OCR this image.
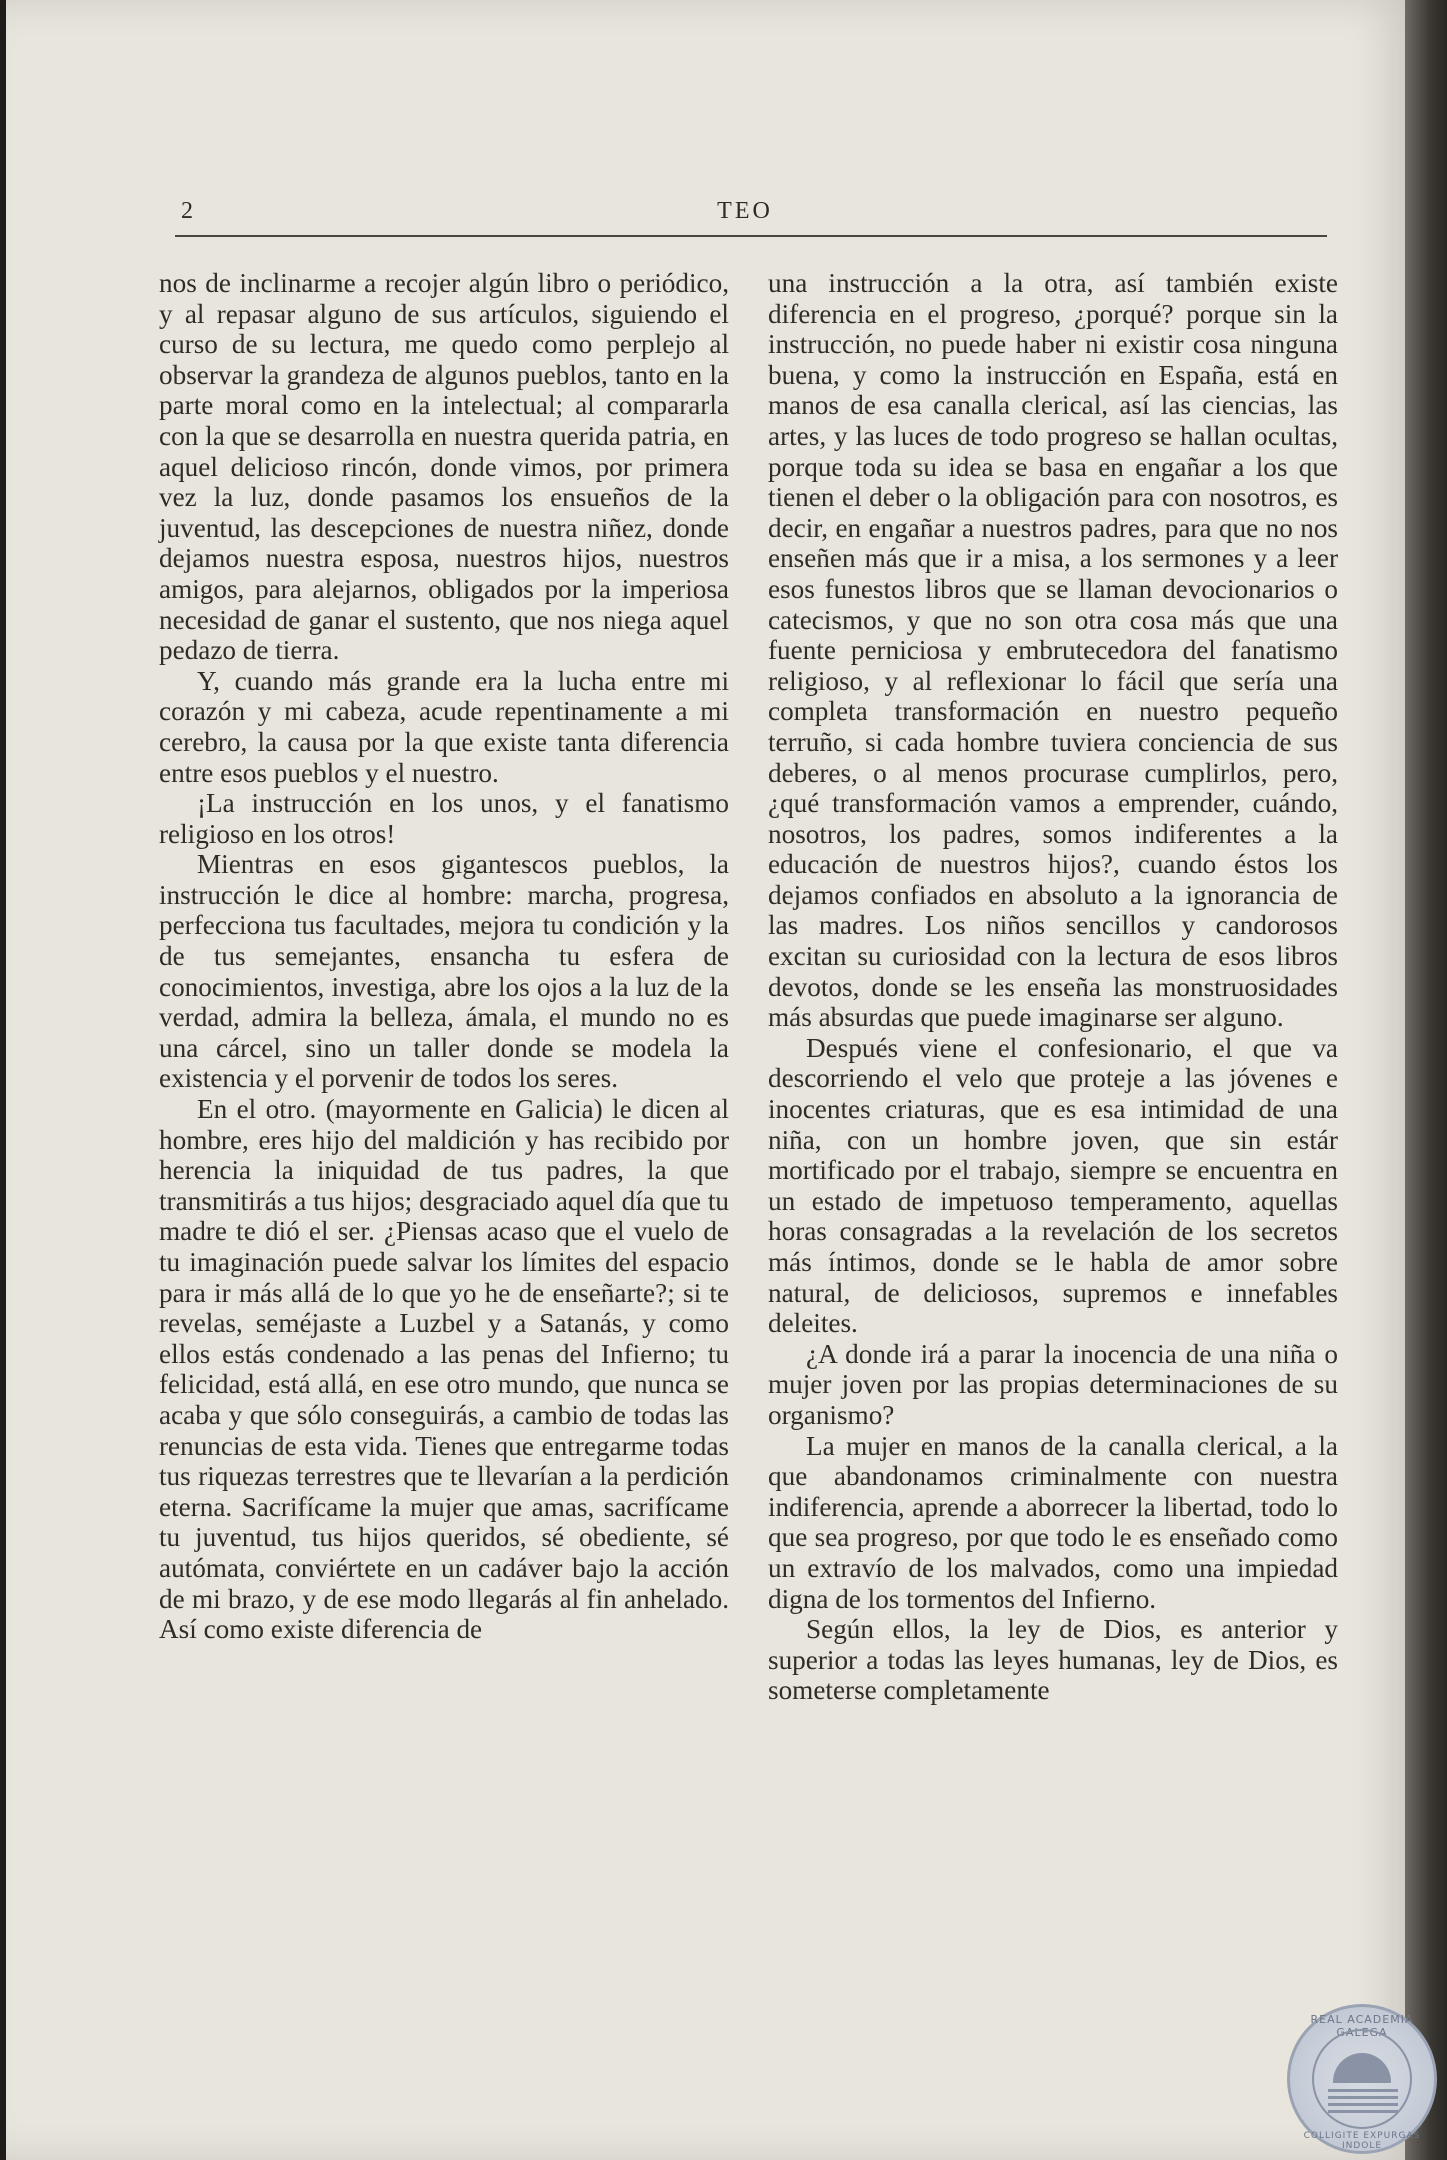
2	TEO

nos de inclinarme a recojer algún libro o periódico, y al repasar alguno de sus artículos, siguiendo el curso de su lectura, me quedo como perplejo al observar la grandeza de algunos pueblos, tanto en la parte moral como en la intelectual; al compararla con la que se desarrolla en nuestra querida patria, en aquel delicioso rincón, donde vimos, por primera vez la luz, donde pasamos los ensueños de la juventud, las descepciones de nuestra niñez, donde dejamos nuestra esposa, nuestros hijos, nuestros amigos, para alejarnos, obligados por la imperiosa necesidad de ganar el sustento, que nos niega aquel pedazo de tierra.

Y, cuando más grande era la lucha entre mi corazón y mi cabeza, acude repentinamente a mi cerebro, la causa por la que existe tanta diferencia entre esos pueblos y el nuestro.

¡La instrucción en los unos, y el fanatismo religioso en los otros!

Mientras en esos gigantescos pueblos, la instrucción le dice al hombre: marcha, progresa, perfecciona tus facultades, mejora tu condición y la de tus semejantes, ensancha tu esfera de conocimientos, investiga, abre los ojos a la luz de la verdad, admira la belleza, ámala, el mundo no es una cárcel, sino un taller donde se modela la existencia y el porvenir de todos los seres.

En el otro. (mayormente en Galicia) le dicen al hombre, eres hijo del maldición y has recibido por herencia la iniquidad de tus padres, la que transmitirás a tus hijos; desgraciado aquel día que tu madre te dió el ser. ¿Piensas acaso que el vuelo de tu imaginación puede salvar los límites del espacio para ir más allá de lo que yo he de enseñarte?; si te revelas, seméjaste a Luzbel y a Satanás, y como ellos estás condenado a las penas del Infierno; tu felicidad, está allá, en ese otro mundo, que nunca se acaba y que sólo conseguirás, a cambio de todas las renuncias de esta vida. Tienes que entregarme todas tus riquezas terrestres que te llevarían a la perdición eterna. Sacrifícame la mujer que amas, sacrifícame tu juventud, tus hijos queridos, sé obediente, sé autómata, conviértete en un cadáver bajo la acción de mi brazo, y de ese modo llegarás al fin anhelado. Así como existe diferencia de

una instrucción a la otra, así también existe diferencia en el progreso, ¿porqué? porque sin la instrucción, no puede haber ni existir cosa ninguna buena, y como la instrucción en España, está en manos de esa canalla clerical, así las ciencias, las artes, y las luces de todo progreso se hallan ocultas, porque toda su idea se basa en engañar a los que tienen el deber o la obligación para con nosotros, es decir, en engañar a nuestros padres, para que no nos enseñen más que ir a misa, a los sermones y a leer esos funestos libros que se llaman devocionarios o catecismos, y que no son otra cosa más que una fuente perniciosa y embrutecedora del fanatismo religioso, y al reflexionar lo fácil que sería una completa transformación en nuestro pequeño terruño, si cada hombre tuviera conciencia de sus deberes, o al menos procurase cumplirlos, pero, ¿qué transformación vamos a emprender, cuándo, nosotros, los padres, somos indiferentes a la educación de nuestros hijos?, cuando éstos los dejamos confiados en absoluto a la ignorancia de las madres. Los niños sencillos y candorosos excitan su curiosidad con la lectura de esos libros devotos, donde se les enseña las monstruosidades más absurdas que puede imaginarse ser alguno.

Después viene el confesionario, el que va descorriendo el velo que proteje a las jóvenes e inocentes criaturas, que es esa intimidad de una niña, con un hombre joven, que sin estár mortificado por el trabajo, siempre se encuentra en un estado de impetuoso temperamento, aquellas horas consagradas a la revelación de los secretos más íntimos, donde se le habla de amor sobre natural, de deliciosos, supremos e innefables deleites.

¿A donde irá a parar la inocencia de una niña o mujer joven por las propias determinaciones de su organismo?

La mujer en manos de la canalla clerical, a la que abandonamos criminalmente con nuestra indiferencia, aprende a aborrecer la libertad, todo lo que sea progreso, por que todo le es enseñado como un extravío de los malvados, como una impiedad digna de los tormentos del Infierno.

Según ellos, la ley de Dios, es anterior y superior a todas las leyes humanas, ley de Dios, es someterse completamente

REAL ACADEMIA GALEGA
COLLIGITE EXPURGAS INDOLE
